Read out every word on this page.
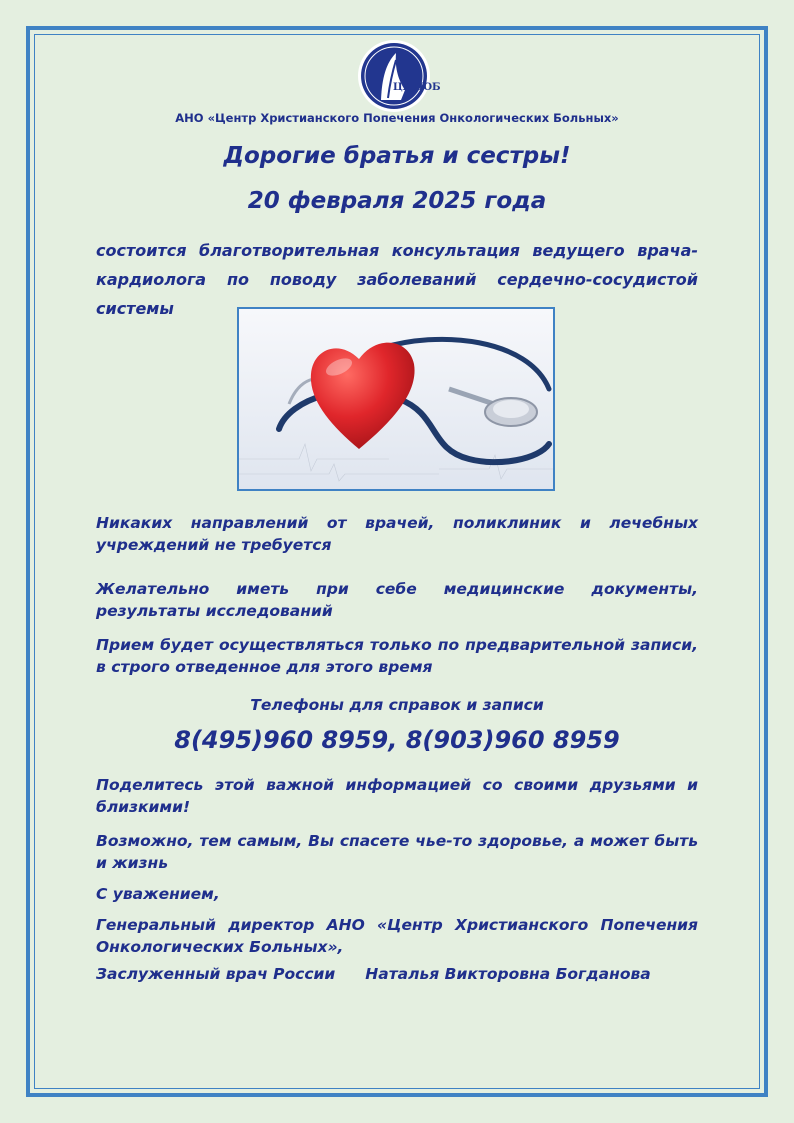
ЦХ ПОБ
АНО «Центр Христианского Попечения Онкологических Больных»
Дорогие братья и сестры!
20 февраля 2025 года
состоится благотворительная консультация ведущего врача-
кардиолога по поводу заболеваний сердечно-сосудистой системы
Никаких направлений от врачей, поликлиник и лечебных учреждений не требуется
Желательно иметь при себе медицинские документы, результаты исследований
Прием будет осуществляться только по предварительной записи, в строго отведенное для этого время
Телефоны для справок и записи
8(495)960 8959, 8(903)960 8959
Поделитесь этой важной информацией со своими друзьями и близкими!
Возможно, тем самым, Вы спасете чье-то здоровье, а может быть и жизнь
С уважением,
Генеральный директор АНО «Центр Христианского Попечения Онкологических Больных»,
Заслуженный врач России Наталья Викторовна Богданова
